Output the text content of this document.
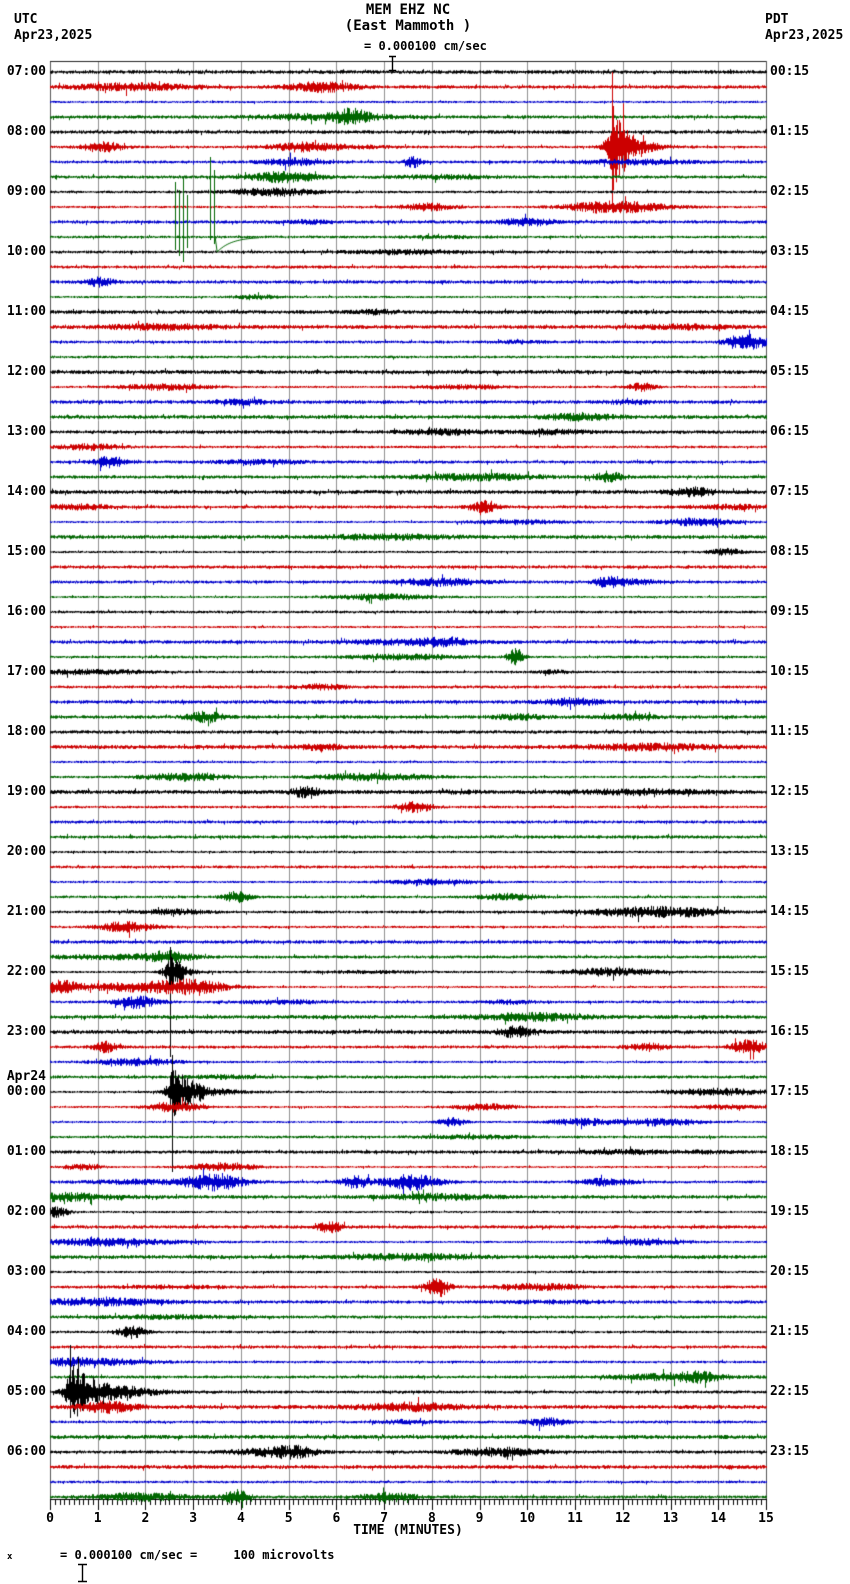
MEM EHZ NC
(East Mammoth )

= 0.000100 cm/sec
UTC
Apr23,2025
PDT
Apr23,2025
07:00
08:00
09:00
10:00
11:00
12:00
13:00
14:00
15:00
16:00
17:00
18:00
19:00
20:00
21:00
22:00
23:00
00:00
01:00
02:00
03:00
04:00
05:00
06:00
Apr24
00:15
01:15
02:15
03:15
04:15
05:15
06:15
07:15
08:15
09:15
10:15
11:15
12:15
13:15
14:15
15:15
16:15
17:15
18:15
19:15
20:15
21:15
22:15
23:15
0	1	2	3	4	5	6	7	8	9	10	11	12	13	14	15
TIME (MINUTES)
x

	= 0.000100 cm/sec =     100 microvolts
